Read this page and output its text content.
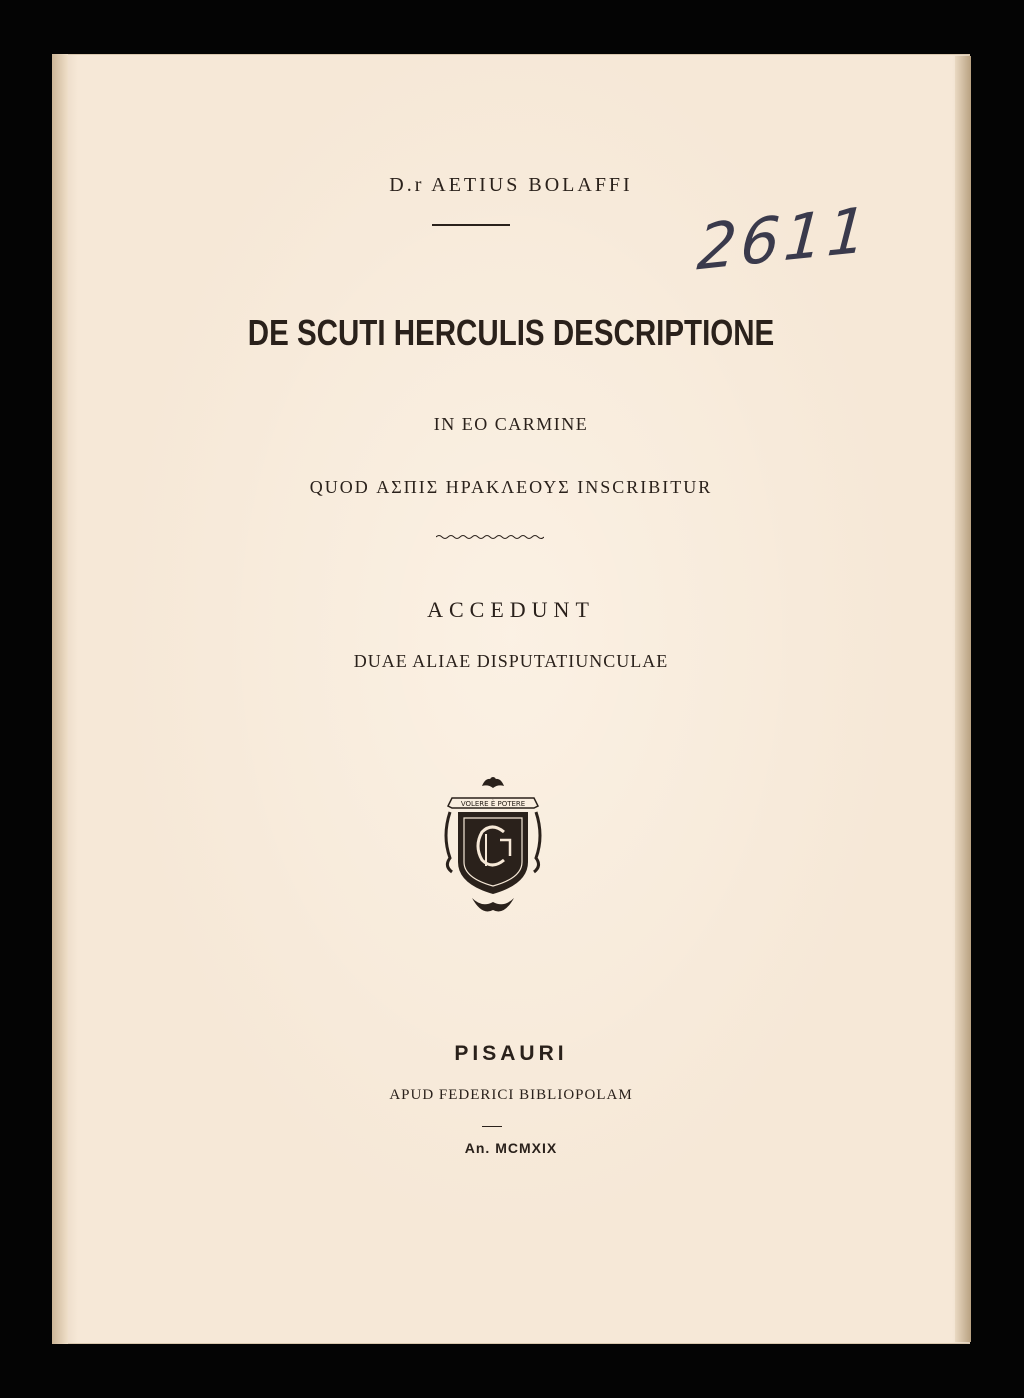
D.r AETIUS BOLAFFI
2611
DE SCUTI HERCULIS DESCRIPTIONE
IN EO CARMINE
QUOD ΑΣΠΙΣ ΗΡΑΚΛΕΟΥΣ INSCRIBITUR
ACCEDUNT
DUAE ALIAE DISPUTATIUNCULAE
VOLERE È POTERE
PISAURI
APUD FEDERICI BIBLIOPOLAM
An. MCMXIX
